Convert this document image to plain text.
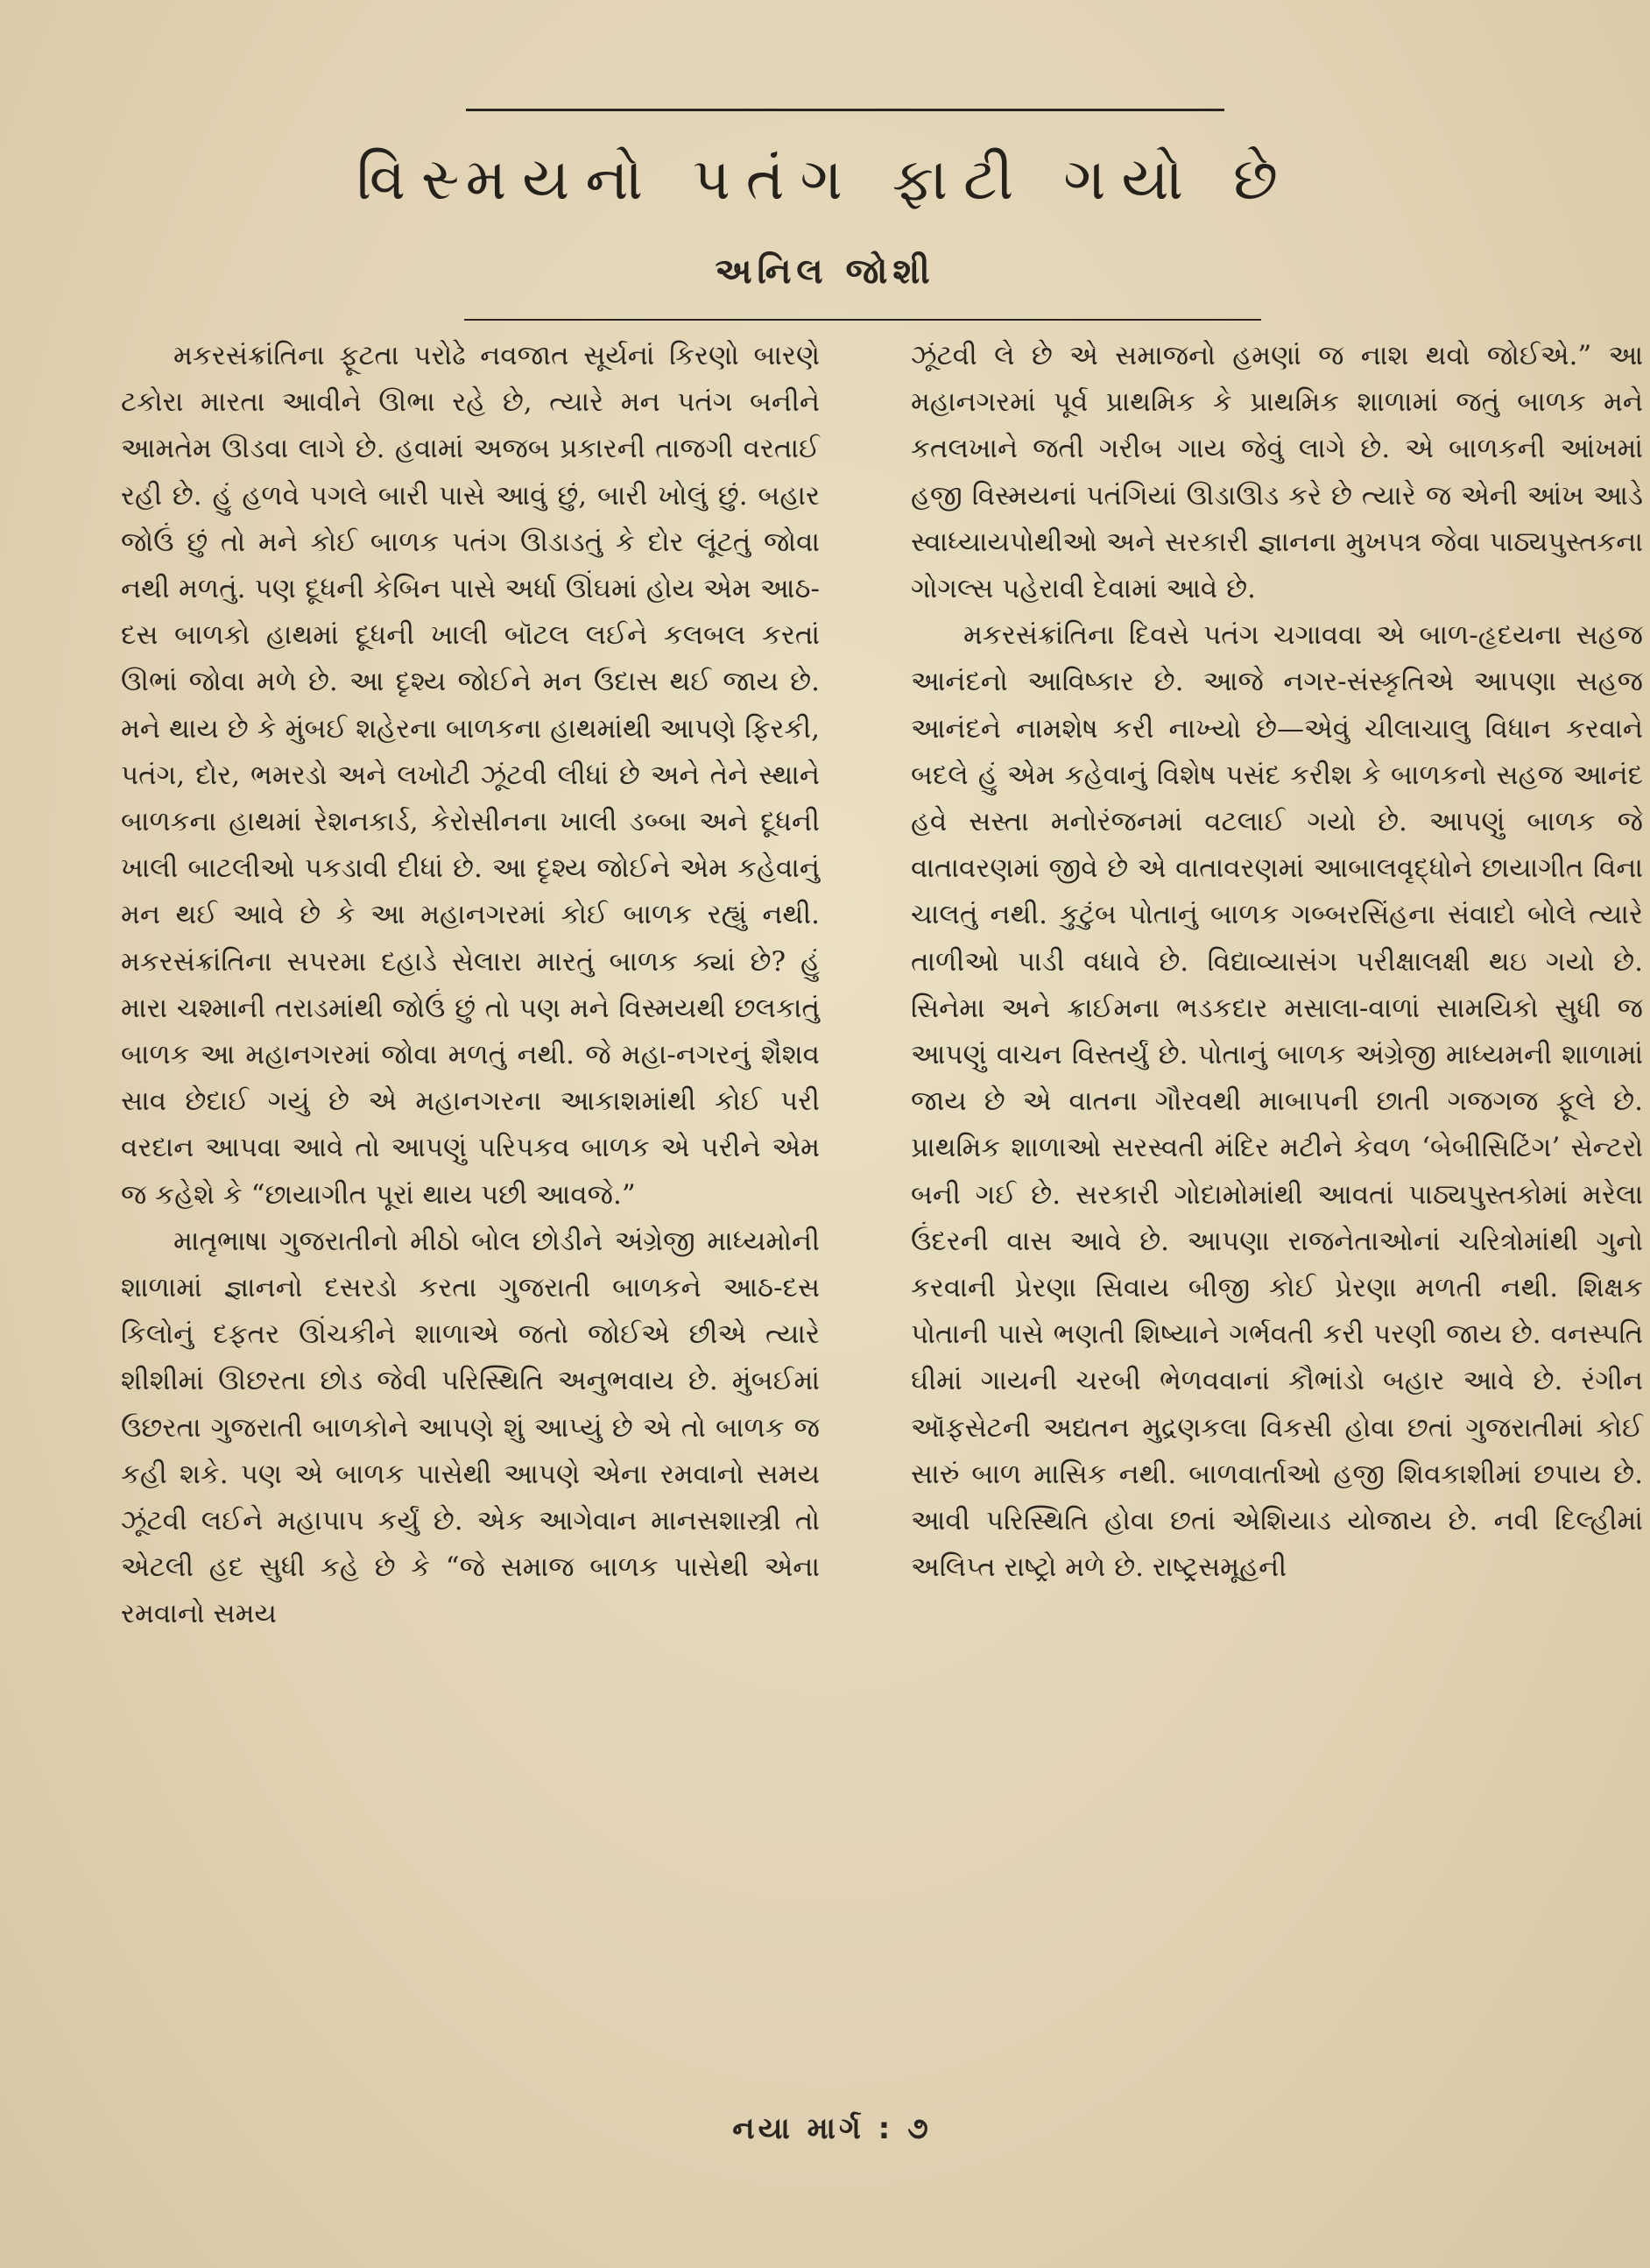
વિસ્મયનો પતંગ ફાટી ગયો છે
અનિલ જોશી

મકરસંક્રાંતિના ફૂટતા પરોઢે નવજાત સૂર્યનાં કિરણો બારણે ટકોરા મારતા આવીને ઊભા રહે છે, ત્યારે મન પતંગ બનીને આમતેમ ઊડવા લાગે છે. હવામાં અજબ પ્રકારની તાજગી વરતાઈ રહી છે. હું હળવે પગલે બારી પાસે આવું છું, બારી ખોલું છું. બહાર જોઉં છું તો મને કોઈ બાળક પતંગ ઊડાડતું કે દોર લૂંટતું જોવા નથી મળતું. પણ દૂધની કેબિન પાસે અર્ધા ઊંઘમાં હોય એમ આઠ-દસ બાળકો હાથમાં દૂધની ખાલી બૉટલ લઈને કલબલ કરતાં ઊભાં જોવા મળે છે. આ દૃશ્ય જોઈને મન ઉદાસ થઈ જાય છે. મને થાય છે કે મુંબઈ શહેરના બાળકના હાથમાંથી આપણે ફિરકી, પતંગ, દોર, ભમરડો અને લખોટી ઝૂંટવી લીધાં છે અને તેને સ્થાને બાળકના હાથમાં રેશનકાર્ડ, કેરોસીનના ખાલી ડબ્બા અને દૂધની ખાલી બાટલીઓ પકડાવી દીધાં છે. આ દૃશ્ય જોઈને એમ કહેવાનું મન થઈ આવે છે કે આ મહાનગરમાં કોઈ બાળક રહ્યું નથી. મકરસંક્રાંતિના સપરમા દહાડે સેલારા મારતું બાળક ક્યાં છે? હું મારા ચશ્માની તરાડમાંથી જોઉં છું તો પણ મને વિસ્મયથી છલકાતું બાળક આ મહાનગરમાં જોવા મળતું નથી. જે મહા-નગરનું શૈશવ સાવ છેદાઈ ગયું છે એ મહાનગરના આકાશમાંથી કોઈ પરી વરદાન આપવા આવે તો આપણું પરિપકવ બાળક એ પરીને એમ જ કહેશે કે “છાયાગીત પૂરાં થાય પછી આવજે.”

માતૃભાષા ગુજરાતીનો મીઠો બોલ છોડીને અંગ્રેજી માધ્યમોની શાળામાં જ્ઞાનનો દસરડો કરતા ગુજરાતી બાળકને આઠ-દસ કિલોનું દફતર ઊંચકીને શાળાએ જતો જોઈએ છીએ ત્યારે શીશીમાં ઊછરતા છોડ જેવી પરિસ્થિતિ અનુભવાય છે. મુંબઈમાં ઉછરતા ગુજરાતી બાળકોને આપણે શું આપ્યું છે એ તો બાળક જ કહી શકે. પણ એ બાળક પાસેથી આપણે એના રમવાનો સમય ઝૂંટવી લઈને મહાપાપ કર્યું છે. એક આગેવાન માનસશાસ્ત્રી તો એટલી હદ સુધી કહે છે કે “જે સમાજ બાળક પાસેથી એના રમવાનો સમય

ઝૂંટવી લે છે એ સમાજનો હમણાં જ નાશ થવો જોઈએ.” આ મહાનગરમાં પૂર્વ પ્રાથમિક કે પ્રાથમિક શાળામાં જતું બાળક મને કતલખાને જતી ગરીબ ગાય જેવું લાગે છે. એ બાળકની આંખમાં હજી વિસ્મયનાં પતંગિયાં ઊડાઊડ કરે છે ત્યારે જ એની આંખ આડે સ્વાધ્યાયપોથીઓ અને સરકારી જ્ઞાનના મુખપત્ર જેવા પાઠ્યપુસ્તકના ગોગલ્સ પહેરાવી દેવામાં આવે છે.

મકરસંક્રાંતિના દિવસે પતંગ ચગાવવા એ બાળ-હૃદયના સહજ આનંદનો આવિષ્કાર છે. આજે નગર-સંસ્કૃતિએ આપણા સહજ આનંદને નામશેષ કરી નાખ્યો છે—એવું ચીલાચાલુ વિધાન કરવાને બદલે હું એમ કહેવાનું વિશેષ પસંદ કરીશ કે બાળકનો સહજ આનંદ હવે સસ્તા મનોરંજનમાં વટલાઈ ગયો છે. આપણું બાળક જે વાતાવરણમાં જીવે છે એ વાતાવરણમાં આબાલવૃદ્ધોને છાયાગીત વિના ચાલતું નથી. કુટુંબ પોતાનું બાળક ગબ્બરસિંહના સંવાદો બોલે ત્યારે તાળીઓ પાડી વધાવે છે. વિદ્યાવ્યાસંગ પરીક્ષાલક્ષી થઇ ગયો છે. સિનેમા અને ક્રાઈમના ભડકદાર મસાલા-વાળાં સામયિકો સુધી જ આપણું વાચન વિસ્તર્યું છે. પોતાનું બાળક અંગ્રેજી માધ્યમની શાળામાં જાય છે એ વાતના ગૌરવથી માબાપની છાતી ગજગજ ફૂલે છે. પ્રાથમિક શાળાઓ સરસ્વતી મંદિર મટીને કેવળ ‘બેબીસિટિંગ’ સેન્ટરો બની ગઈ છે. સરકારી ગોદામોમાંથી આવતાં પાઠ્યપુસ્તકોમાં મરેલા ઉંદરની વાસ આવે છે. આપણા રાજનેતાઓનાં ચરિત્રોમાંથી ગુનો કરવાની પ્રેરણા સિવાય બીજી કોઈ પ્રેરણા મળતી નથી. શિક્ષક પોતાની પાસે ભણતી શિષ્યાને ગર્ભવતી કરી પરણી જાય છે. વનસ્પતિ ઘીમાં ગાયની ચરબી ભેળવવાનાં કૌભાંડો બહાર આવે છે. રંગીન ઑફસેટની અદ્યતન મુદ્રણકલા વિકસી હોવા છતાં ગુજરાતીમાં કોઈ સારું બાળ માસિક નથી. બાળવાર્તાઓ હજી શિવકાશીમાં છપાય છે. આવી પરિસ્થિતિ હોવા છતાં એશિયાડ યોજાય છે. નવી દિલ્હીમાં અલિપ્ત રાષ્ટ્રો મળે છે. રાષ્ટ્રસમૂહની

નયા માર્ગ : ૭
